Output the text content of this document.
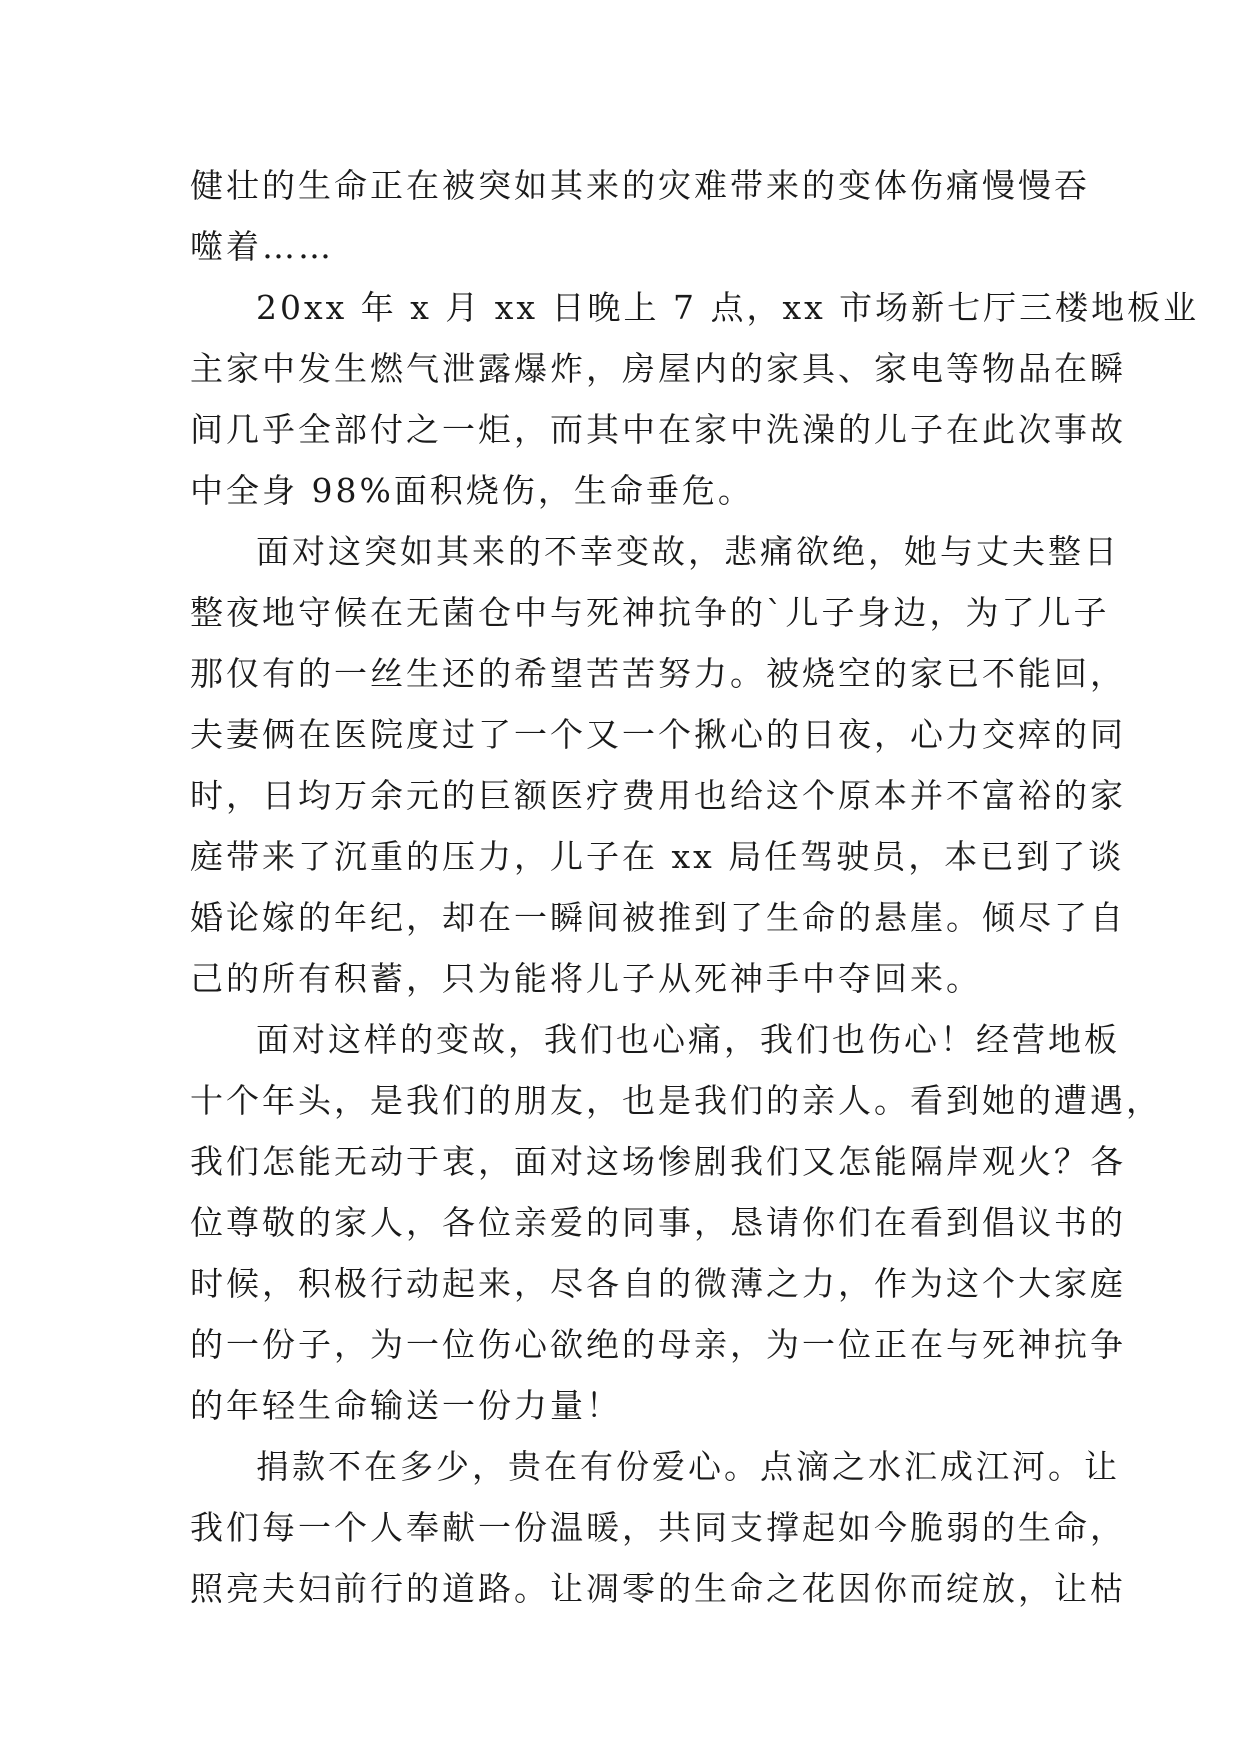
健壮的生命正在被突如其来的灾难带来的变体伤痛慢慢吞
噬着……
20xx 年 x 月 xx 日晚上 7 点，xx 市场新七厅三楼地板业
主家中发生燃气泄露爆炸，房屋内的家具、家电等物品在瞬
间几乎全部付之一炬，而其中在家中洗澡的儿子在此次事故
中全身 98%面积烧伤，生命垂危。
面对这突如其来的不幸变故，悲痛欲绝，她与丈夫整日
整夜地守候在无菌仓中与死神抗争的`儿子身边，为了儿子
那仅有的一丝生还的希望苦苦努力。被烧空的家已不能回，
夫妻俩在医院度过了一个又一个揪心的日夜，心力交瘁的同
时，日均万余元的巨额医疗费用也给这个原本并不富裕的家
庭带来了沉重的压力，儿子在 xx 局任驾驶员，本已到了谈
婚论嫁的年纪，却在一瞬间被推到了生命的悬崖。倾尽了自
己的所有积蓄，只为能将儿子从死神手中夺回来。
面对这样的变故，我们也心痛，我们也伤心！经营地板
十个年头，是我们的朋友，也是我们的亲人。看到她的遭遇，
我们怎能无动于衷，面对这场惨剧我们又怎能隔岸观火？各
位尊敬的家人，各位亲爱的同事，恳请你们在看到倡议书的
时候，积极行动起来，尽各自的微薄之力，作为这个大家庭
的一份子，为一位伤心欲绝的母亲，为一位正在与死神抗争
的年轻生命输送一份力量！
捐款不在多少，贵在有份爱心。点滴之水汇成江河。让
我们每一个人奉献一份温暖，共同支撑起如今脆弱的生命，
照亮夫妇前行的道路。让凋零的生命之花因你而绽放，让枯
